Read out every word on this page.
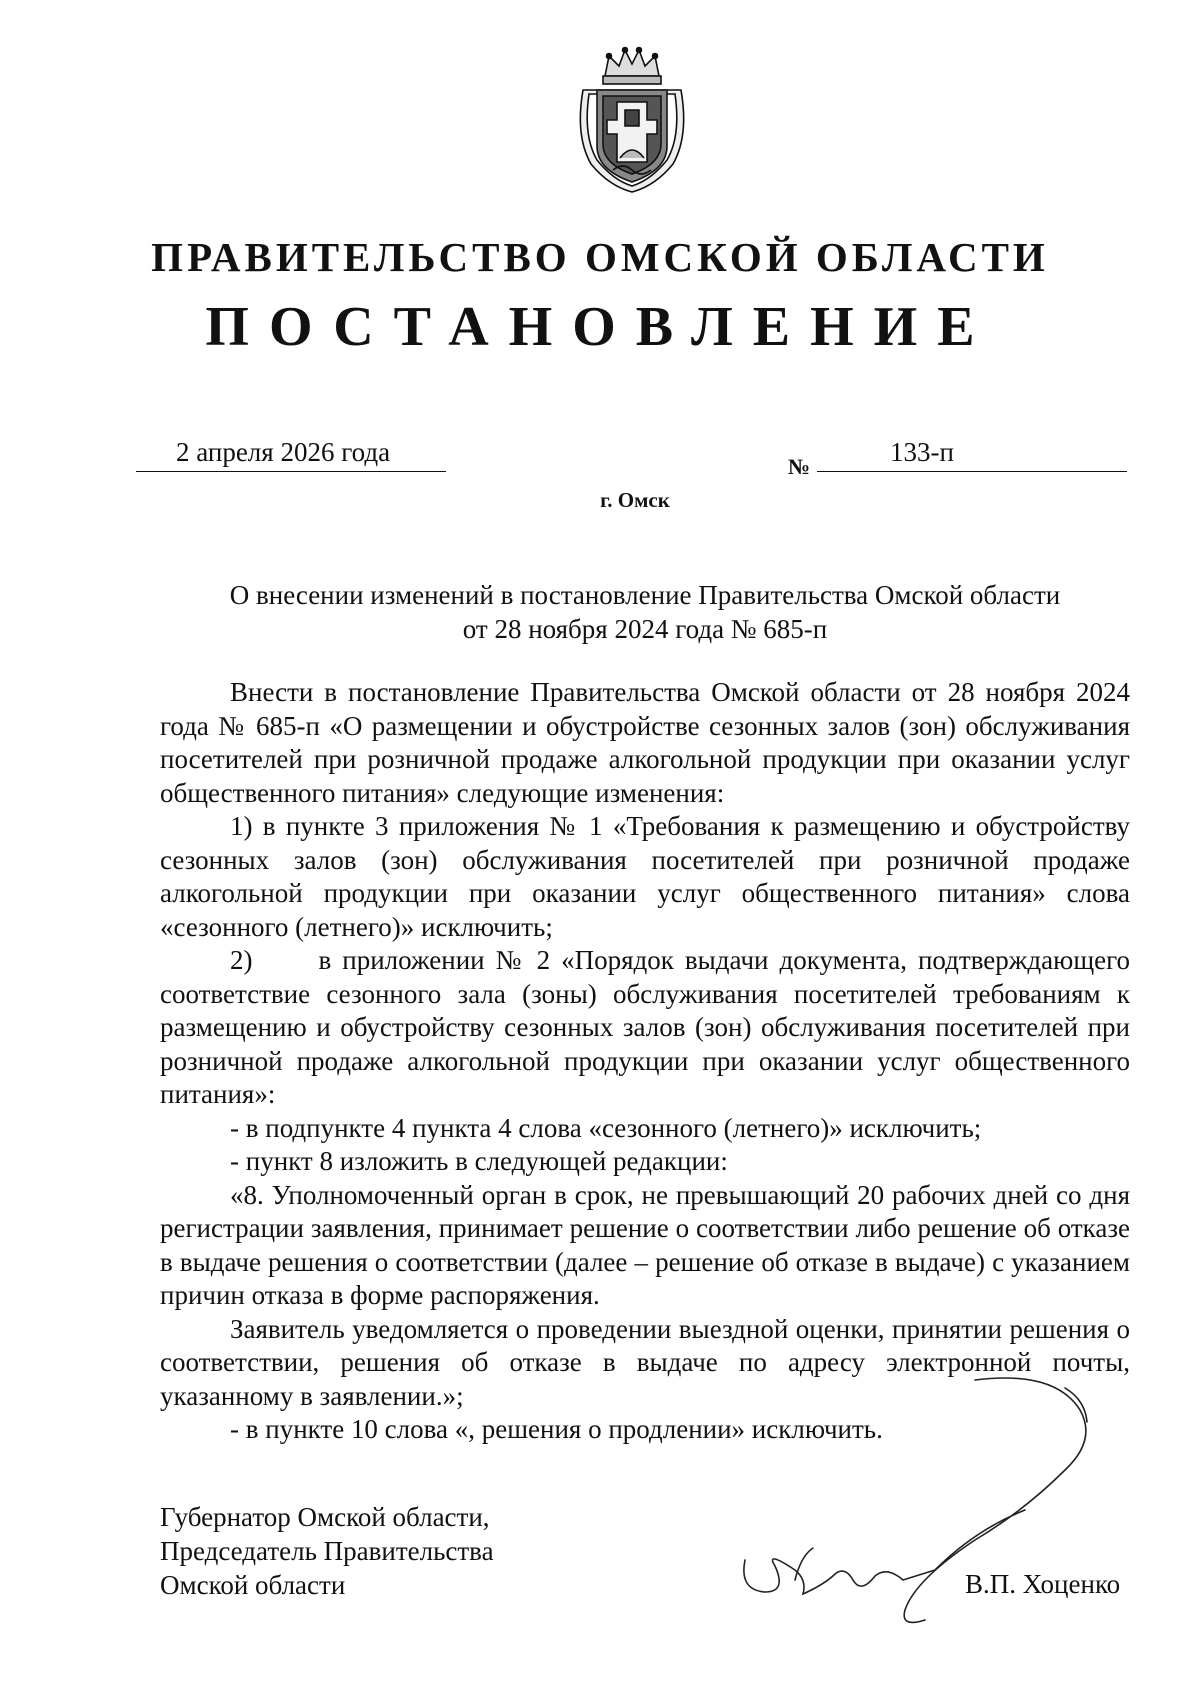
ПРАВИТЕЛЬСТВО ОМСКОЙ ОБЛАСТИ
ПОСТАНОВЛЕНИЕ
2 апреля 2026 года	№	133-п
г. Омск
О внесении изменений в постановление Правительства Омской области
от 28 ноября 2024 года № 685-п

Внести в постановление Правительства Омской области от 28 ноября 2024 года № 685-п «О размещении и обустройстве сезонных залов (зон) обслуживания посетителей при розничной продаже алкогольной продукции при оказании услуг общественного питания» следующие изменения:

1) в пункте 3 приложения № 1 «Требования к размещению и обустройству сезонных залов (зон) обслуживания посетителей при розничной продаже алкогольной продукции при оказании услуг общественного питания» слова «сезонного (летнего)» исключить;

2)      в приложении № 2 «Порядок выдачи документа, подтверждающего соответствие сезонного зала (зоны) обслуживания посетителей требованиям к размещению и обустройству сезонных залов (зон) обслуживания посетителей при розничной продаже алкогольной продукции при оказании услуг общественного питания»:

- в подпункте 4 пункта 4 слова «сезонного (летнего)» исключить;

- пункт 8 изложить в следующей редакции:

«8. Уполномоченный орган в срок, не превышающий 20 рабочих дней со дня регистрации заявления, принимает решение о соответствии либо решение об отказе в выдаче решения о соответствии (далее – решение об отказе в выдаче) с указанием причин отказа в форме распоряжения.

Заявитель уведомляется о проведении выездной оценки, принятии решения о соответствии, решения об отказе в выдаче по адресу электронной почты, указанному в заявлении.»;

- в пункте 10 слова «, решения о продлении» исключить.

Губернатор Омской области,
Председатель Правительства
Омской области	В.П. Хоценко
